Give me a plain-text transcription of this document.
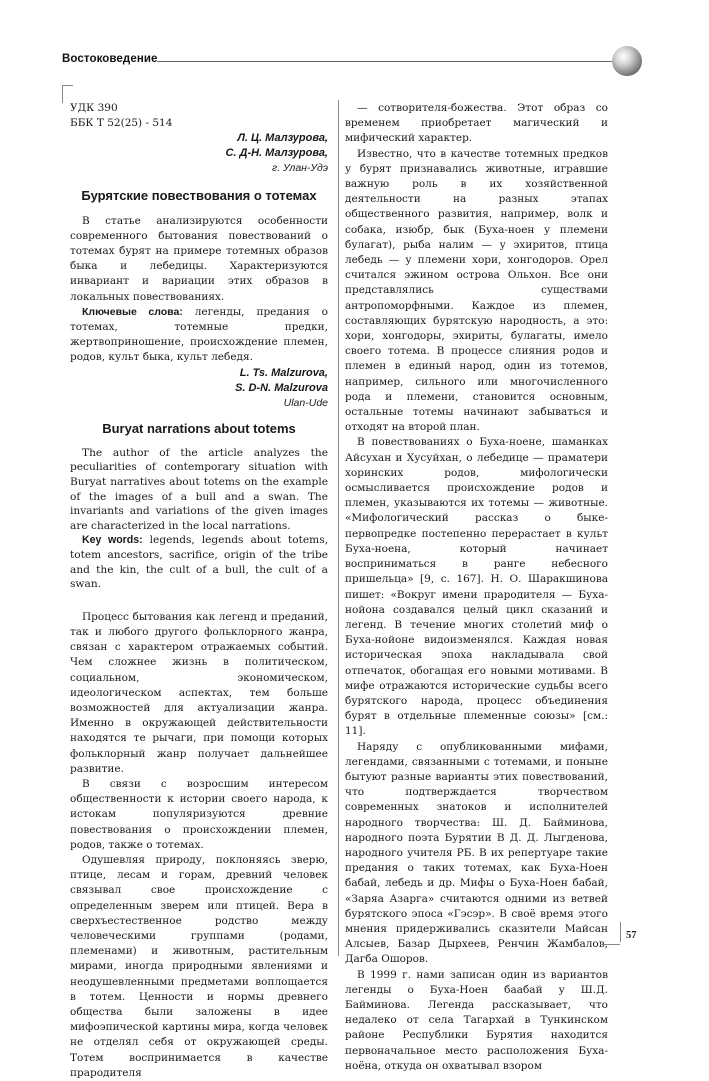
Востоковедение
УДК 390
ББК Т 52(25) - 514
Л. Ц. Малзурова,
С. Д-Н. Малзурова,
г. Улан-Удэ
Бурятские повествования о тотемах

В статье анализируются особенности современного бытования повествований о тотемах бурят на примере тотемных образов быка и лебедицы. Характеризуются инвариант и вариации этих образов в локальных повествованиях.

Ключевые слова: легенды, предания о тотемах, тотемные предки, жертвоприношение, происхождение племен, родов, культ быка, культ лебедя.

L. Ts. Malzurova,
S. D-N. Malzurova
Ulan-Ude
Buryat narrations about totems

The author of the article analyzes the peculiarities of contemporary situation with Buryat narratives about totems on the example of the images of a bull and a swan. The invariants and variations of the given images are characterized in the local narrations.

Key words: legends, legends about totems, totem ancestors, sacrifice, origin of the tribe and the kin, the cult of a bull, the cult of a swan.

Процесс бытования как легенд и преданий, так и любого другого фольклорного жанра, связан с характером отражаемых событий. Чем сложнее жизнь в политическом, социальном, экономическом, идеологическом аспектах, тем больше возможностей для актуализации жанра. Именно в окружающей действительности находятся те рычаги, при помощи которых фольклорный жанр получает дальнейшее развитие.

В связи с возросшим интересом общественности к истории своего народа, к истокам популяризуются древние повествования о происхождении племен, родов, также о тотемах.

Одушевляя природу, поклоняясь зверю, птице, лесам и горам, древний человек связывал свое происхождение с определенным зверем или птицей. Вера в сверхъестественное родство между человеческими группами (родами, племенами) и животным, растительным мирами, иногда природными явлениями и неодушевленными предметами воплощается в тотем. Ценности и нормы древнего общества были заложены в идее мифоэпической картины мира, когда человек не отделял себя от окружающей среды. Тотем воспринимается в качестве прародителя

— сотворителя-божества. Этот образ со временем приобретает магический и мифический характер.

Известно, что в качестве тотемных предков у бурят признавались животные, игравшие важную роль в их хозяйственной деятельности на разных этапах общественного развития, например, волк и собака, изюбр, бык (Буха-ноен у племени булагат), рыба налим — у эхиритов, птица лебедь — у племени хори, хонгодоров. Орел считался эжином острова Ольхон. Все они представлялись существами антропоморфными. Каждое из племен, составляющих бурятскую народность, а это: хори, хонгодоры, эхириты, булагаты, имело своего тотема. В процессе слияния родов и племен в единый народ, один из тотемов, например, сильного или многочисленного рода и племени, становится основным, остальные тотемы начинают забываться и отходят на второй план.

В повествованиях о Буха-ноене, шаманках Айсухан и Хусуйхан, о лебедице — праматери хоринских родов, мифологически осмысливается происхождение родов и племен, указываются их тотемы — животные. «Мифологический рассказ о быке-первопредке постепенно перерастает в культ Буха-ноена, который начинает восприниматься в ранге небесного пришельца» [9, с. 167]. Н. О. Шаракшинова пишет: «Вокруг имени прародителя — Буха-нойона создавался целый цикл сказаний и легенд. В течение многих столетий миф о Буха-нойоне видоизменялся. Каждая новая историческая эпоха накладывала свой отпечаток, обогащая его новыми мотивами. В мифе отражаются исторические судьбы всего бурятского народа, процесс объединения бурят в отдельные племенные союзы» [см.: 11].

Наряду с опубликованными мифами, легендами, связанными с тотемами, и поныне бытуют разные варианты этих повествований, что подтверждается творчеством современных знатоков и исполнителей народного творчества: Ш. Д. Байминова, народного поэта Бурятии В Д. Д. Лыгденова, народного учителя РБ. В их репертуаре такие предания о таких тотемах, как Буха-Ноен бабай, лебедь и др. Мифы о Буха-Ноен бабай, «Заряа Азарга» считаются одними из ветвей бурятского эпоса «Гэсэр». В своё время этого мнения придерживались сказители Майсан Алсыев, Базар Дырхеев, Ренчин Жамбалов, Дагба Ошоров.

В 1999 г. нами записан один из вариантов легенды о Буха-Ноен баабай у Ш.Д. Байминова. Легенда рассказывает, что недалеко от села Тагархай в Тункинском районе Республики Бурятия находится первоначальное место расположения Буха-ноёна, откуда он охватывал взором

57
